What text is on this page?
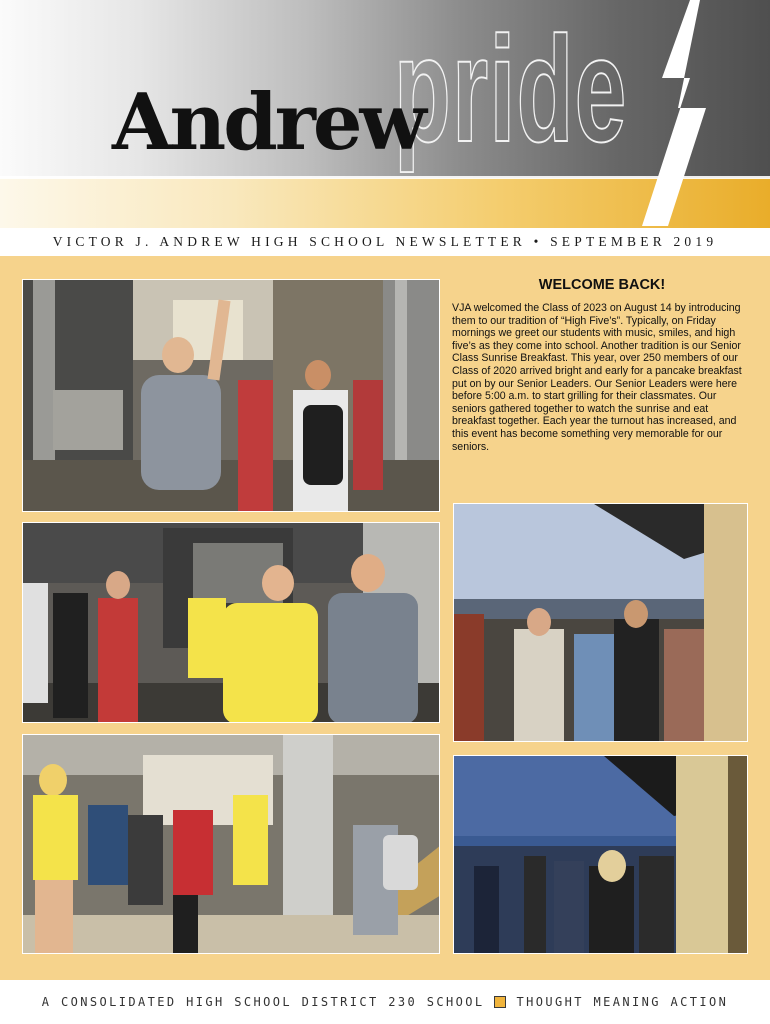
pride
Andrew
VICTOR J. ANDREW HIGH SCHOOL NEWSLETTER • SEPTEMBER 2019
WELCOME BACK!

VJA welcomed the Class of 2023 on August 14 by introducing them to our tradition of “High Five’s”. Typically, on Friday mornings we greet our students with music, smiles, and high five’s as they come into school. Another tradition is our Senior Class Sunrise Breakfast. This year, over 250 members of our Class of 2020 arrived bright and early for a pancake breakfast put on by our Senior Leaders. Our Senior Leaders were here before 5:00 a.m. to start grilling for their classmates. Our seniors gathered together to watch the sunrise and eat breakfast together. Each year the turnout has increased, and this event has become something very memorable for our seniors.

A CONSOLIDATED HIGH SCHOOL DISTRICT 230 SCHOOL	THOUGHT MEANING ACTION
